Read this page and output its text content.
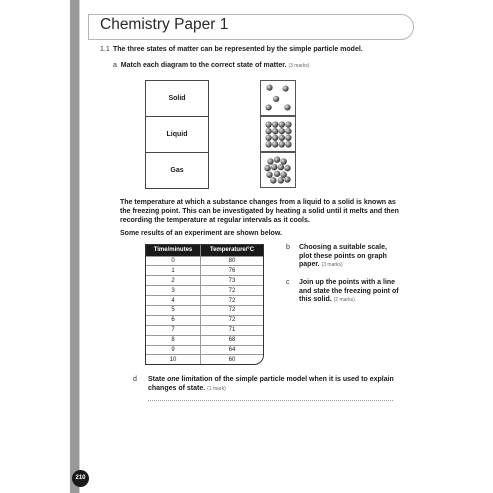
Chemistry Paper 1
1.1 The three states of matter can be represented by the simple particle model.
a Match each diagram to the correct state of matter. (3 marks)
Solid
Liquid
Gas
The temperature at which a substance changes from a liquid to a solid is known as
the freezing point. This can be investigated by heating a solid until it melts and then
recording the temperature at regular intervals as it cools.
Some results of an experiment are shown below.
Time/minutes	Temperature/°C
0	80
1	76
2	73
3	72
4	72
5	72
6	72
7	71
8	68
9	64
10	60
b Choosing a suitable scale,
plot these points on graph
paper. (3 marks)
c Join up the points with a line
and state the freezing point of
this solid. (2 marks)
d State one limitation of the simple particle model when it is used to explain
changes of state. (1 mark)
210
